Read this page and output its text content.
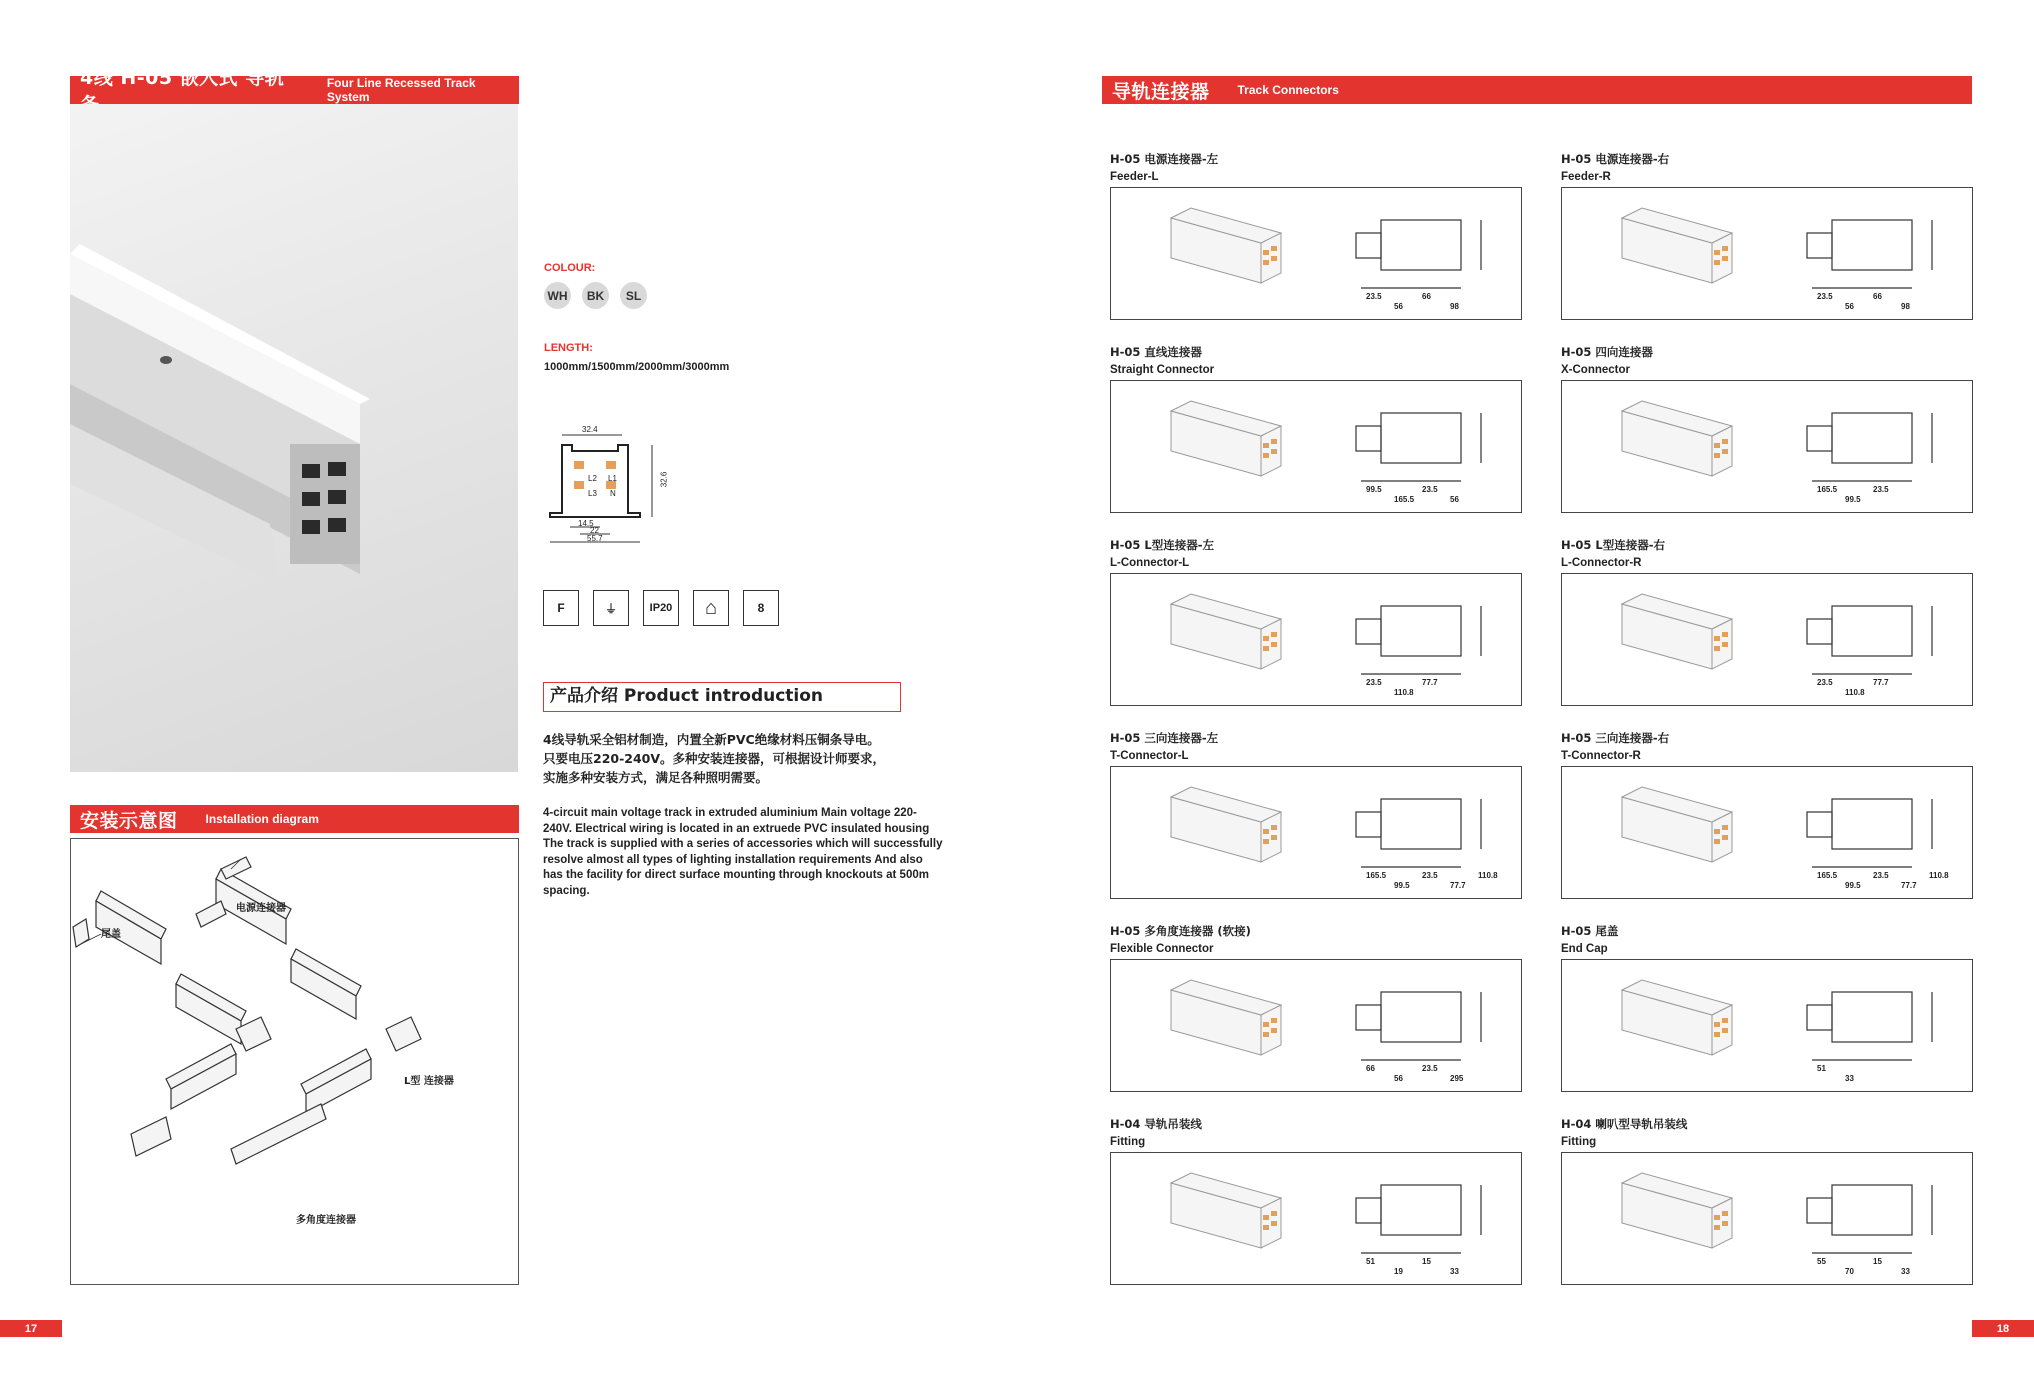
4线 H-05 嵌入式 导轨	Four Line Recessed Track System
COLOUR:
WH	BK	SL
LENGTH:
1000mm/1500mm/2000mm/3000mm
32.4
32.6
L2 L1
L3 N
14.5
22
55.7
F	⏚	IP20	⌂	8
产品介绍 Product introduction
4线导轨采全铝材制造，内置全新PVC绝缘材料压铜条导电。
只要电压220-240V。多种安装连接器，可根据设计师要求，
实施多种安装方式，满足各种照明需要。
4-circuit main voltage track in extruded aluminium Main voltage 220-
240V. Electrical wiring is located in an extruede PVC insulated housing
The track is supplied with a series of accessories which will successfully
resolve almost all types of lighting installation requirements And also
has the facility for direct surface mounting through knockouts at 500m
spacing.
安装示意图 Installation diagram
尾盖
电源连接器
L型 连接器
多角度连接器
17
导轨连接器 Track Connectors
H-05 电源连接器-左
Feeder-L
23.5
56
66
98
H-05 电源连接器-右
Feeder-R
23.5
56
66
98
H-05 直线连接器
Straight Connector
99.5
165.5
23.5
56
H-05 四向连接器
X-Connector
165.5
99.5
23.5
H-05 L型连接器-左
L-Connector-L
23.5
110.8
77.7
H-05 L型连接器-右
L-Connector-R
23.5
110.8
77.7
H-05 三向连接器-左
T-Connector-L
165.5
99.5
23.5
77.7
110.8
H-05 三向连接器-右
T-Connector-R
165.5
99.5
23.5
77.7
110.8
H-05 多角度连接器 (软接)
Flexible Connector
66
56
23.5
295
H-05 尾盖
End Cap
51
33
H-04 导轨吊装线
Fitting
51
19
15
33
H-04 喇叭型导轨吊装线
Fitting
55
70
15
33
18
